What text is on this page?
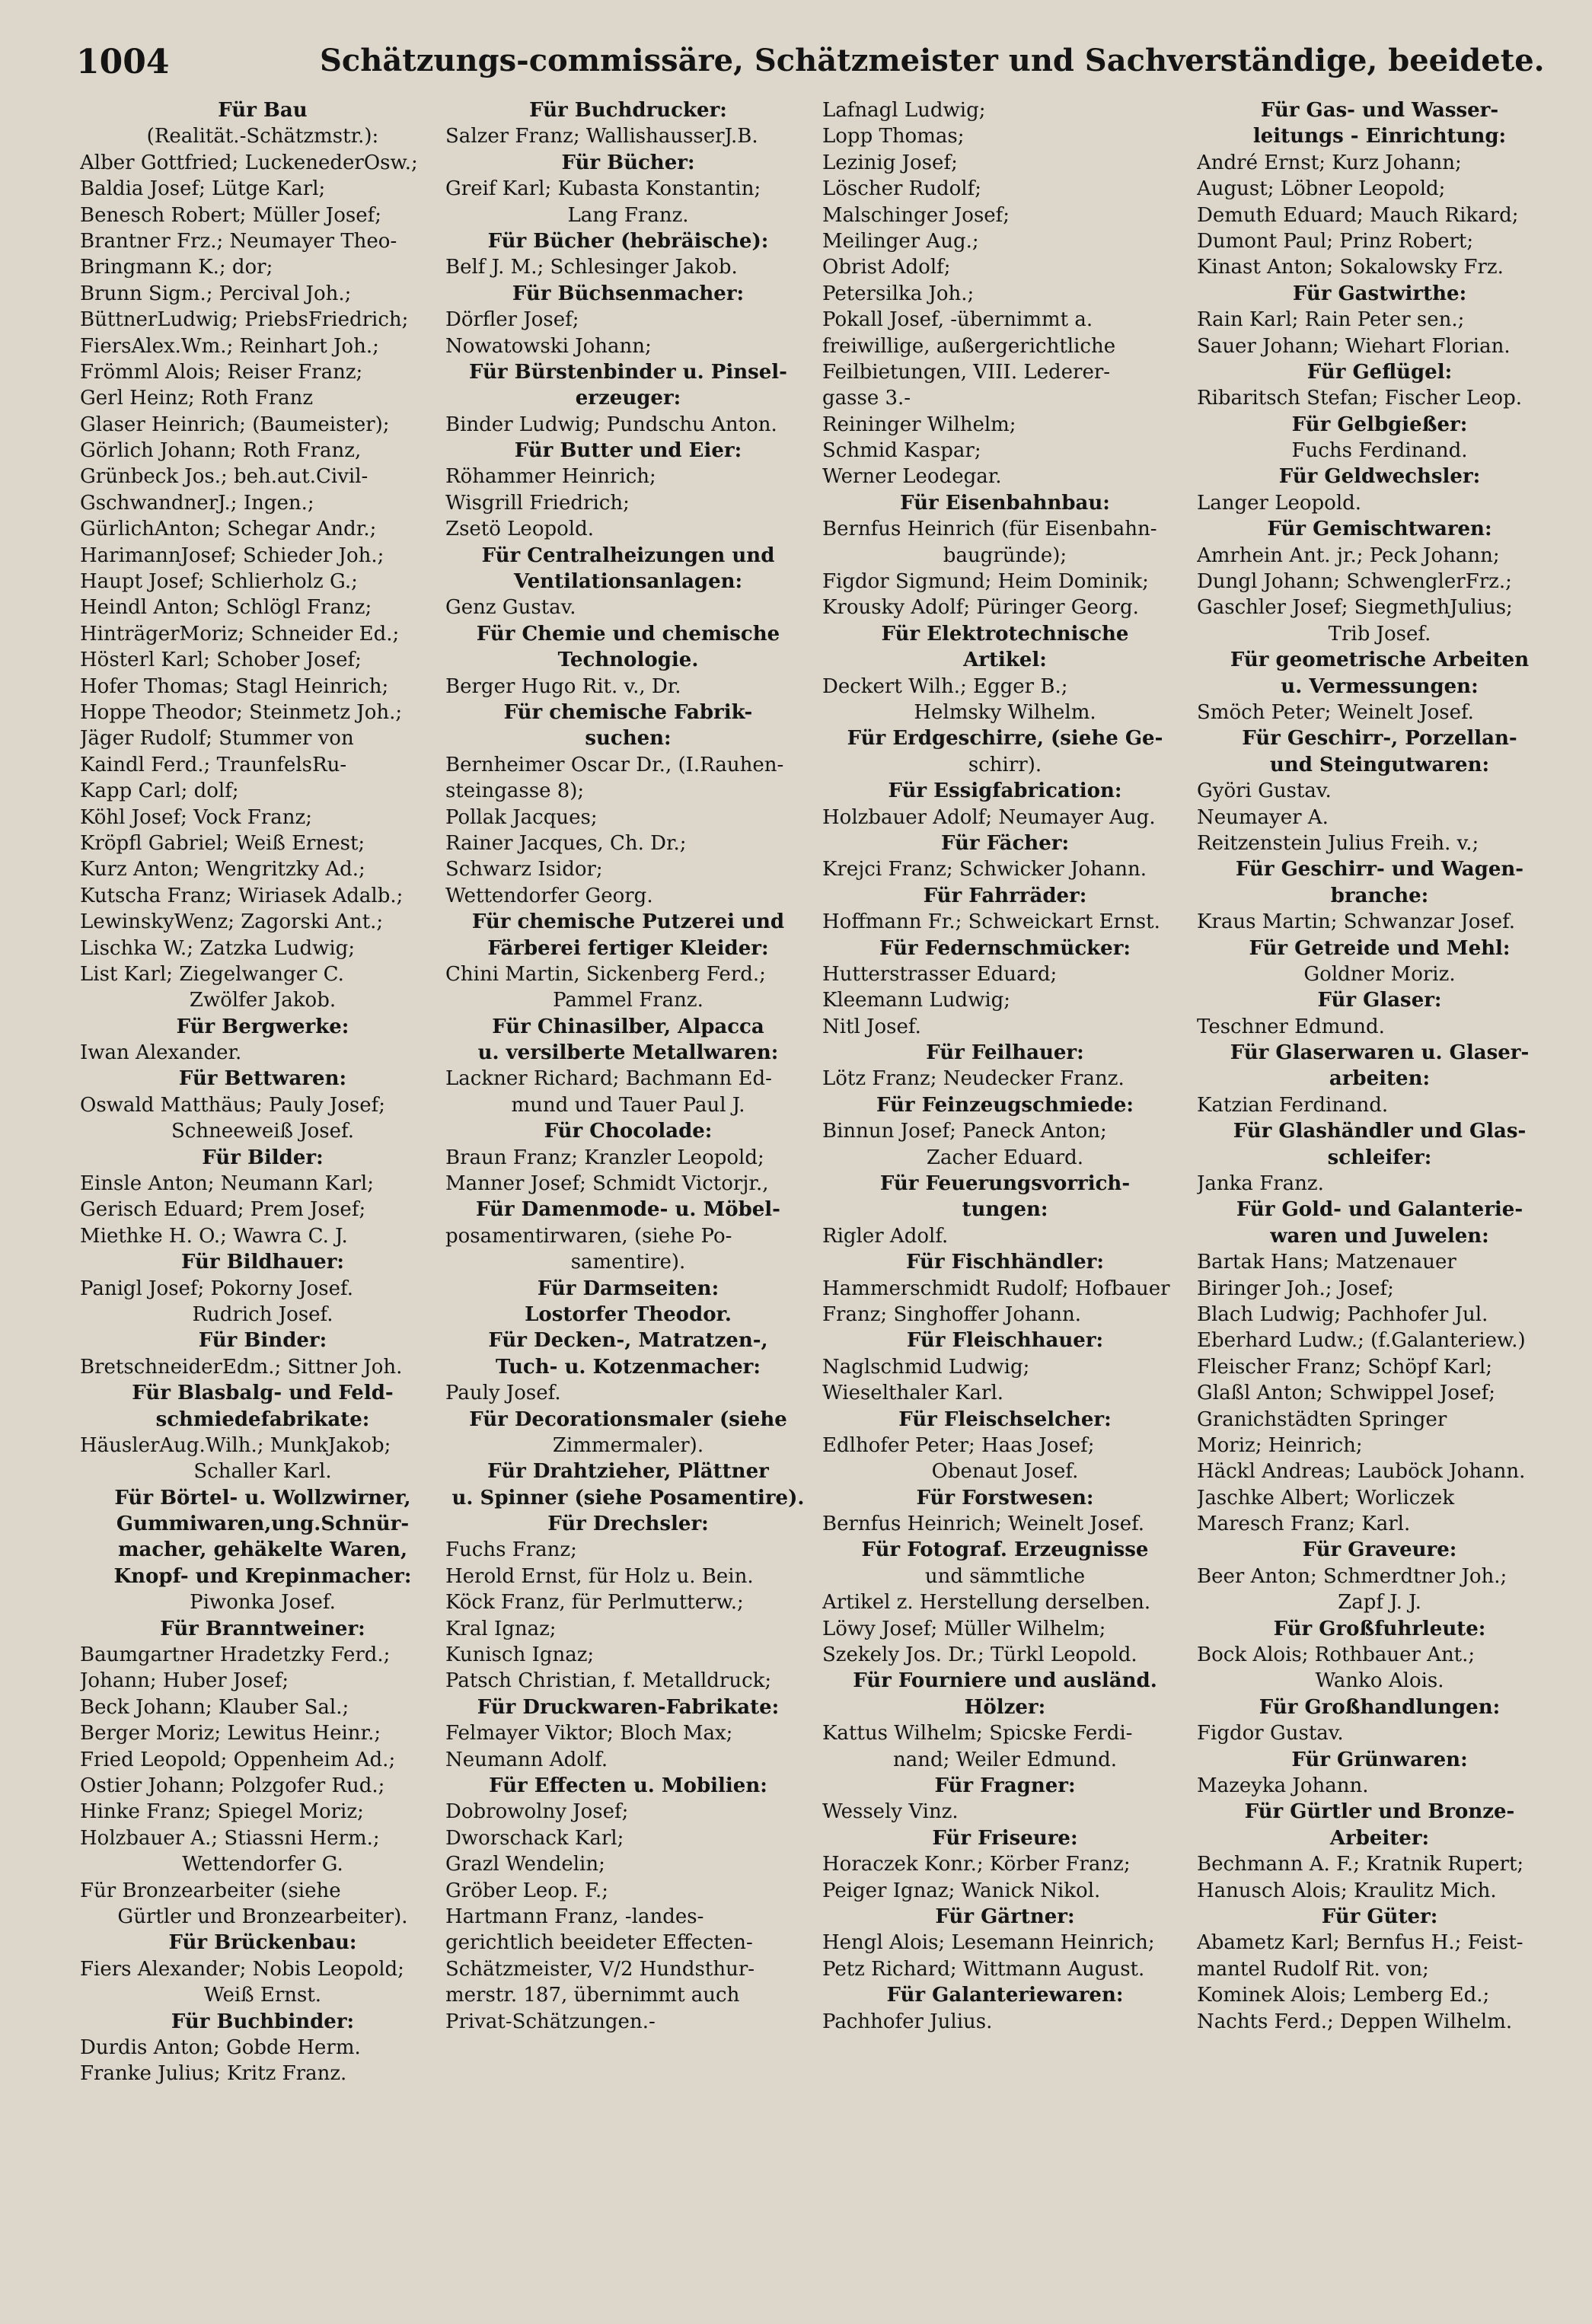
1004	Schätzungs-commissäre, Schätzmeister und Sachverständige, beeidete.
Für Bau
(Realität.-Schätzmstr.):
Alber Gottfried; LuckenederOsw.;
Baldia Josef; Lütge Karl;
Benesch Robert; Müller Josef;
Brantner Frz.; Neumayer Theo-
Bringmann K.; dor;
Brunn Sigm.; Percival Joh.;
BüttnerLudwig; PriebsFriedrich;
FiersAlex.Wm.; Reinhart Joh.;
Frömml Alois; Reiser Franz;
Gerl Heinz; Roth Franz
Glaser Heinrich; (Baumeister);
Görlich Johann; Roth Franz,
Grünbeck Jos.; beh.aut.Civil-
GschwandnerJ.; Ingen.;
GürlichAnton; Schegar Andr.;
HarimannJosef; Schieder Joh.;
Haupt Josef; Schlierholz G.;
Heindl Anton; Schlögl Franz;
HinträgerMoriz; Schneider Ed.;
Hösterl Karl; Schober Josef;
Hofer Thomas; Stagl Heinrich;
Hoppe Theodor; Steinmetz Joh.;
Jäger Rudolf; Stummer von
Kaindl Ferd.; TraunfelsRu-
Kapp Carl; dolf;
Köhl Josef; Vock Franz;
Kröpfl Gabriel; Weiß Ernest;
Kurz Anton; Wengritzky Ad.;
Kutscha Franz; Wiriasek Adalb.;
LewinskyWenz; Zagorski Ant.;
Lischka W.; Zatzka Ludwig;
List Karl; Ziegelwanger C.
Zwölfer Jakob.
Für Bergwerke:
Iwan Alexander.
Für Bettwaren:
Oswald Matthäus; Pauly Josef;
Schneeweiß Josef.
Für Bilder:
Einsle Anton; Neumann Karl;
Gerisch Eduard; Prem Josef;
Miethke H. O.; Wawra C. J.
Für Bildhauer:
Panigl Josef; Pokorny Josef.
Rudrich Josef.
Für Binder:
BretschneiderEdm.; Sittner Joh.
Für Blasbalg- und Feld-
schmiedefabrikate:
HäuslerAug.Wilh.; MunkJakob;
Schaller Karl.
Für Börtel- u. Wollzwirner,
Gummiwaren,ung.Schnür-
macher, gehäkelte Waren,
Knopf- und Krepinmacher:
Piwonka Josef.
Für Branntweiner:
Baumgartner Hradetzky Ferd.;
Johann; Huber Josef;
Beck Johann; Klauber Sal.;
Berger Moriz; Lewitus Heinr.;
Fried Leopold; Oppenheim Ad.;
Ostier Johann; Polzgofer Rud.;
Hinke Franz; Spiegel Moriz;
Holzbauer A.; Stiassni Herm.;
Wettendorfer G.
Für Bronzearbeiter (siehe
Gürtler und Bronzearbeiter).
Für Brückenbau:
Fiers Alexander; Nobis Leopold;
Weiß Ernst.
Für Buchbinder:
Durdis Anton; Gobde Herm.
Franke Julius; Kritz Franz.
Für Buchdrucker:
Salzer Franz; WallishausserJ.B.
Für Bücher:
Greif Karl; Kubasta Konstantin;
Lang Franz.
Für Bücher (hebräische):
Belf J. M.; Schlesinger Jakob.
Für Büchsenmacher:
Dörfler Josef;
Nowatowski Johann;
Für Bürstenbinder u. Pinsel-
erzeuger:
Binder Ludwig; Pundschu Anton.
Für Butter und Eier:
Röhammer Heinrich;
Wisgrill Friedrich;
Zsetö Leopold.
Für Centralheizungen und
Ventilationsanlagen:
Genz Gustav.
Für Chemie und chemische
Technologie.
Berger Hugo Rit. v., Dr.
Für chemische Fabrik-
suchen:
Bernheimer Oscar Dr., (I.Rauhen-
steingasse 8);
Pollak Jacques;
Rainer Jacques, Ch. Dr.;
Schwarz Isidor;
Wettendorfer Georg.
Für chemische Putzerei und
Färberei fertiger Kleider:
Chini Martin, Sickenberg Ferd.;
Pammel Franz.
Für Chinasilber, Alpacca
u. versilberte Metallwaren:
Lackner Richard; Bachmann Ed-
mund und Tauer Paul J.
Für Chocolade:
Braun Franz; Kranzler Leopold;
Manner Josef; Schmidt Victorjr.,
Für Damenmode- u. Möbel-
posamentirwaren, (siehe Po-
samentire).
Für Darmseiten:
Lostorfer Theodor.
Für Decken-, Matratzen-,
Tuch- u. Kotzenmacher:
Pauly Josef.
Für Decorationsmaler (siehe
Zimmermaler).
Für Drahtzieher, Plättner
u. Spinner (siehe Posamentire).
Für Drechsler:
Fuchs Franz;
Herold Ernst, für Holz u. Bein.
Köck Franz, für Perlmutterw.;
Kral Ignaz;
Kunisch Ignaz;
Patsch Christian, f. Metalldruck;
Für Druckwaren-Fabrikate:
Felmayer Viktor; Bloch Max;
Neumann Adolf.
Für Effecten u. Mobilien:
Dobrowolny Josef;
Dworschack Karl;
Grazl Wendelin;
Gröber Leop. F.;
Hartmann Franz, -landes-
gerichtlich beeideter Effecten-
Schätzmeister, V/2 Hundsthur-
merstr. 187, übernimmt auch
Privat-Schätzungen.-
Lafnagl Ludwig;
Lopp Thomas;
Lezinig Josef;
Löscher Rudolf;
Malschinger Josef;
Meilinger Aug.;
Obrist Adolf;
Petersilka Joh.;
Pokall Josef, -übernimmt a.
freiwillige, außergerichtliche
Feilbietungen, VIII. Lederer-
gasse 3.-
Reininger Wilhelm;
Schmid Kaspar;
Werner Leodegar.
Für Eisenbahnbau:
Bernfus Heinrich (für Eisenbahn-
baugründe);
Figdor Sigmund; Heim Dominik;
Krousky Adolf; Püringer Georg.
Für Elektrotechnische
Artikel:
Deckert Wilh.; Egger B.;
Helmsky Wilhelm.
Für Erdgeschirre, (siehe Ge-
schirr).
Für Essigfabrication:
Holzbauer Adolf; Neumayer Aug.
Für Fächer:
Krejci Franz; Schwicker Johann.
Für Fahrräder:
Hoffmann Fr.; Schweickart Ernst.
Für Federnschmücker:
Hutterstrasser Eduard;
Kleemann Ludwig;
Nitl Josef.
Für Feilhauer:
Lötz Franz; Neudecker Franz.
Für Feinzeugschmiede:
Binnun Josef; Paneck Anton;
Zacher Eduard.
Für Feuerungsvorrich-
tungen:
Rigler Adolf.
Für Fischhändler:
Hammerschmidt Rudolf; Hofbauer
Franz; Singhoffer Johann.
Für Fleischhauer:
Naglschmid Ludwig;
Wieselthaler Karl.
Für Fleischselcher:
Edlhofer Peter; Haas Josef;
Obenaut Josef.
Für Forstwesen:
Bernfus Heinrich; Weinelt Josef.
Für Fotograf. Erzeugnisse
und sämmtliche
Artikel z. Herstellung derselben.
Löwy Josef; Müller Wilhelm;
Szekely Jos. Dr.; Türkl Leopold.
Für Fourniere und ausländ.
Hölzer:
Kattus Wilhelm; Spicske Ferdi-
nand; Weiler Edmund.
Für Fragner:
Wessely Vinz.
Für Friseure:
Horaczek Konr.; Körber Franz;
Peiger Ignaz; Wanick Nikol.
Für Gärtner:
Hengl Alois; Lesemann Heinrich;
Petz Richard; Wittmann August.
Für Galanteriewaren:
Pachhofer Julius.
Für Gas- und Wasser-
leitungs - Einrichtung:
André Ernst; Kurz Johann;
August; Löbner Leopold;
Demuth Eduard; Mauch Rikard;
Dumont Paul; Prinz Robert;
Kinast Anton; Sokalowsky Frz.
Für Gastwirthe:
Rain Karl; Rain Peter sen.;
Sauer Johann; Wiehart Florian.
Für Geflügel:
Ribaritsch Stefan; Fischer Leop.
Für Gelbgießer:
Fuchs Ferdinand.
Für Geldwechsler:
Langer Leopold.
Für Gemischtwaren:
Amrhein Ant. jr.; Peck Johann;
Dungl Johann; SchwenglerFrz.;
Gaschler Josef; SiegmethJulius;
Trib Josef.
Für geometrische Arbeiten
u. Vermessungen:
Smöch Peter; Weinelt Josef.
Für Geschirr-, Porzellan-
und Steingutwaren:
Györi Gustav.
Neumayer A.
Reitzenstein Julius Freih. v.;
Für Geschirr- und Wagen-
branche:
Kraus Martin; Schwanzar Josef.
Für Getreide und Mehl:
Goldner Moriz.
Für Glaser:
Teschner Edmund.
Für Glaserwaren u. Glaser-
arbeiten:
Katzian Ferdinand.
Für Glashändler und Glas-
schleifer:
Janka Franz.
Für Gold- und Galanterie-
waren und Juwelen:
Bartak Hans; Matzenauer
Biringer Joh.; Josef;
Blach Ludwig; Pachhofer Jul.
Eberhard Ludw.; (f.Galanteriew.)
Fleischer Franz; Schöpf Karl;
Glaßl Anton; Schwippel Josef;
Granichstädten Springer
Moriz; Heinrich;
Häckl Andreas; Lauböck Johann.
Jaschke Albert; Worliczek
Maresch Franz; Karl.
Für Graveure:
Beer Anton; Schmerdtner Joh.;
Zapf J. J.
Für Großfuhrleute:
Bock Alois; Rothbauer Ant.;
Wanko Alois.
Für Großhandlungen:
Figdor Gustav.
Für Grünwaren:
Mazeyka Johann.
Für Gürtler und Bronze-
Arbeiter:
Bechmann A. F.; Kratnik Rupert;
Hanusch Alois; Kraulitz Mich.
Für Güter:
Abametz Karl; Bernfus H.; Feist-
mantel Rudolf Rit. von;
Kominek Alois; Lemberg Ed.;
Nachts Ferd.; Deppen Wilhelm.
